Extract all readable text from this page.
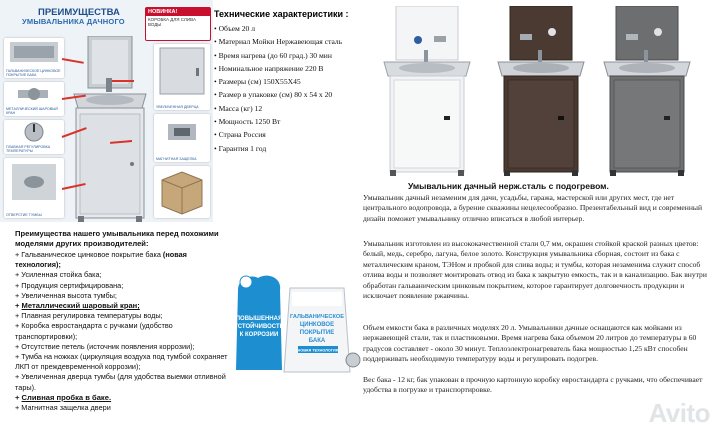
ПРЕИМУЩЕСТВА
УМЫВАЛЬНИКА ДАЧНОГО
НОВИНКА!
КОРОБКА ДЛЯ СЛИВА ВОДЫ
ГАЛЬВАНИЧЕСКОЕ ЦИНКОВОЕ ПОКРЫТИЕ БАКА
МЕТАЛЛИЧЕСКИЙ ШАРОВЫЙ КРАН
ПЛАВНАЯ РЕГУЛИРОВКА ТЕМПЕРАТУРЫ
ОТВЕРСТИЕ ТУМБЫ
УВЕЛИЧЕННАЯ ДВЕРЦА
МАГНИТНАЯ ЗАЩЕЛКА
Технические характеристики :
• Объем 20 л
• Материал Мойки Нержавеющая сталь
• Время нагрева (до 60 град.) 30 мин
• Номинальное напряжение 220 В
• Размеры (см) 150Х55Х45
• Размер в упаковке (см) 80 х 54 х 20
• Масса (кг) 12
• Мощность 1250 Вт
• Страна Россия
• Гарантия 1 год
Преимущества нашего умывальника перед похожими моделями других производителей:
+ Гальваническое цинковое покрытие бака (новая технология);
+ Усиленная стойка бака;
+ Продукция сертифицирована;
+ Увеличенная высота тумбы;
+ Металлический шаровый кран;
+ Плавная регулировка температуры воды;
+ Коробка евростандарта с ручками (удобство транспортировки);
+ Отсутствие петель (источник появления коррозии);
+ Тумба на ножках (циркуляция воздуха под тумбой сохраняет ЛКП от преждевременной коррозии);
+ Увеличенная дверца тумбы (для удобства выемки отливной тары).
+ Сливная пробка в баке.
+ Магнитная защелка двери
ПОВЫШЕННАЯ
УСТОЙЧИВОСТЬ
К КОРРОЗИИ
ГАЛЬВАНИЧЕСКОЕ
ЦИНКОВОЕ
ПОКРЫТИЕ
БАКА
НОВАЯ ТЕХНОЛОГИЯ
Умывальник дачный нерж.сталь с подогревом.

Умывальник дачный незаменим для дачи, усадьбы, гаража, мастерской или других мест, где нет центрального водопровода, а бурение скважины нецелесообразно. Презентабельный вид и современный дизайн поможет умывальнику отлично вписаться в любой интерьер.

Умывальник изготовлен из высококачественной стали 0,7 мм, окрашен стойкой краской разных цветов: белый, медь, серебро, лагуна, белое золото. Конструкция умывальника сборная, состоит из бака с металлическим краном, ТЭНом и пробкой для слива воды; и тумбы, которая незаменима служит способ отлива воды и позволяет монтировать отвод из бака к закрытую емкость, так и в канализацию. Бак внутри обработан гальваническим цинковым покрытием, которое гарантирует долговечность продукции и исключает появление ржавчины.

Объем емкости бака в различных моделях 20 л. Умывальники дачные оснащаются как мойками из нержавеющей стали, так и пластиковыми. Время нагрева бака объемом 20 литров до температуры в 60 градусов составляет - около 30 минут. Теплоэлектронагреватель бака мощностью 1,25 кВт способен поддерживать необходимую температуру воды и регулировать подогрев.

Вес бака - 12 кг, бак упакован в прочную картонную коробку евростандарта с ручками, что обеспечивает удобства в погрузке и транспортировке.

Avito
